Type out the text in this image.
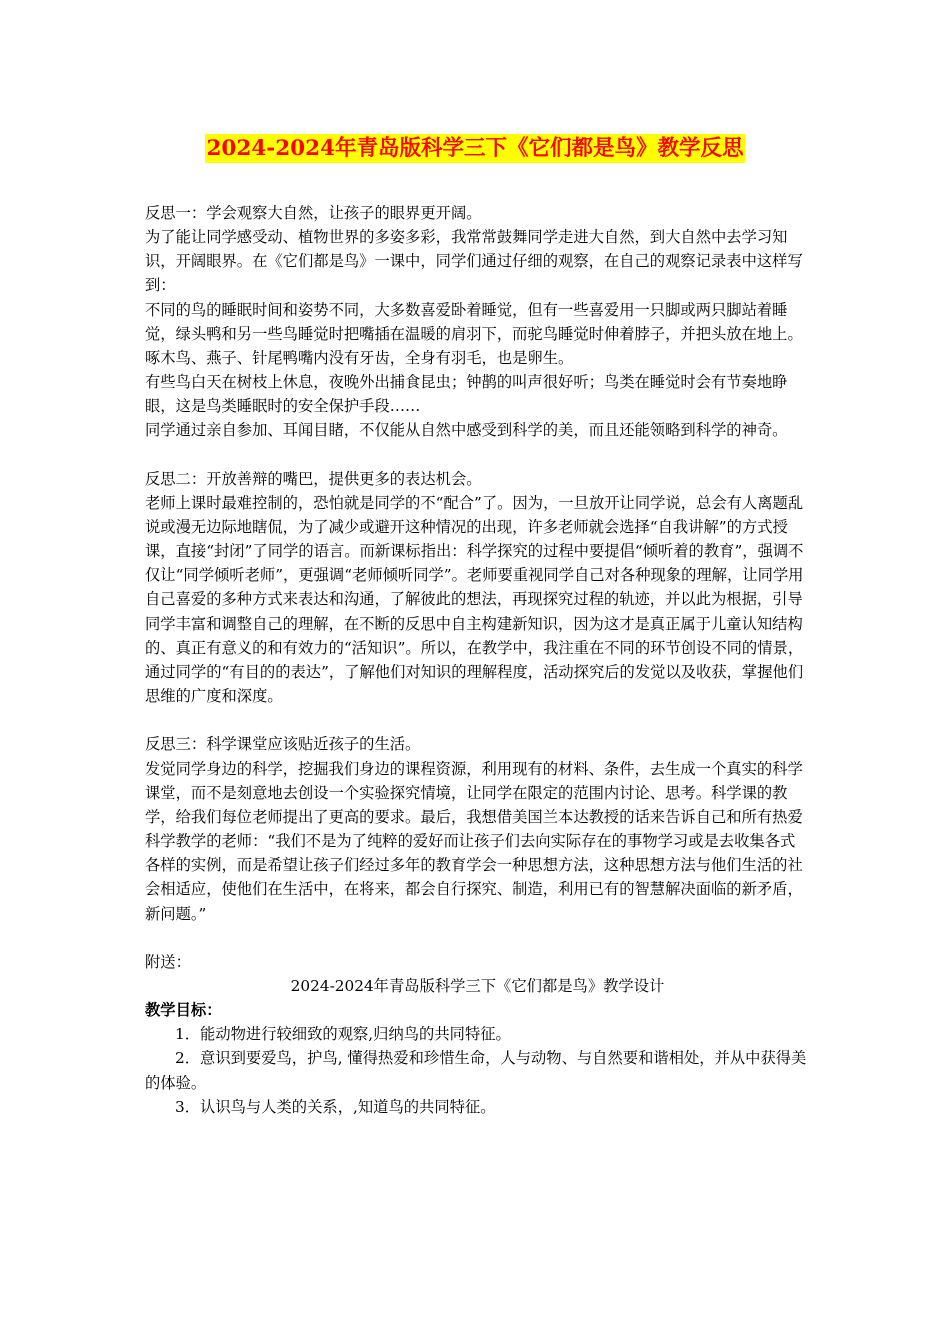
2024-2024年青岛版科学三下《它们都是鸟》教学反思

反思一：学会观察大自然，让孩子的眼界更开阔。

为了能让同学感受动、植物世界的多姿多彩，我常常鼓舞同学走进大自然，到大自然中去学习知识，开阔眼界。在《它们都是鸟》一课中，同学们通过仔细的观察，在自己的观察记录表中这样写到：

不同的鸟的睡眠时间和姿势不同，大多数喜爱卧着睡觉，但有一些喜爱用一只脚或两只脚站着睡觉，绿头鸭和另一些鸟睡觉时把嘴插在温暖的肩羽下，而驼鸟睡觉时伸着脖子，并把头放在地上。

啄木鸟、燕子、针尾鸭嘴内没有牙齿，全身有羽毛，也是卵生。

有些鸟白天在树枝上休息，夜晚外出捕食昆虫；钟鹊的叫声很好听；鸟类在睡觉时会有节奏地睁眼，这是鸟类睡眠时的安全保护手段……

同学通过亲自参加、耳闻目睹，不仅能从自然中感受到科学的美，而且还能领略到科学的神奇。

反思二：开放善辩的嘴巴，提供更多的表达机会。

老师上课时最难控制的，恐怕就是同学的不“配合”了。因为，一旦放开让同学说，总会有人离题乱说或漫无边际地瞎侃，为了减少或避开这种情况的出现，许多老师就会选择“自我讲解”的方式授课，直接“封闭”了同学的语言。而新课标指出：科学探究的过程中要提倡“倾听着的教育”，强调不仅让“同学倾听老师”，更强调“老师倾听同学”。老师要重视同学自己对各种现象的理解，让同学用自己喜爱的多种方式来表达和沟通，了解彼此的想法，再现探究过程的轨迹，并以此为根据，引导同学丰富和调整自己的理解，在不断的反思中自主构建新知识，因为这才是真正属于儿童认知结构的、真正有意义的和有效力的“活知识”。所以，在教学中，我注重在不同的环节创设不同的情景，通过同学的“有目的的表达”，了解他们对知识的理解程度，活动探究后的发觉以及收获，掌握他们思维的广度和深度。

反思三：科学课堂应该贴近孩子的生活。

发觉同学身边的科学，挖掘我们身边的课程资源，利用现有的材料、条件，去生成一个真实的科学课堂，而不是刻意地去创设一个实验探究情境，让同学在限定的范围内讨论、思考。科学课的教学，给我们每位老师提出了更高的要求。最后，我想借美国兰本达教授的话来告诉自己和所有热爱科学教学的老师：“我们不是为了纯粹的爱好而让孩子们去向实际存在的事物学习或是去收集各式各样的实例，而是希望让孩子们经过多年的教育学会一种思想方法，这种思想方法与他们生活的社会相适应，使他们在生活中，在将来，都会自行探究、制造，利用已有的智慧解决面临的新矛盾，新问题。”

附送：

2024-2024年青岛版科学三下《它们都是鸟》教学设计

教学目标：

1．能动物进行较细致的观察,归纳鸟的共同特征。

2．意识到要爱鸟，护鸟, 懂得热爱和珍惜生命，人与动物、与自然要和谐相处，并从中获得美的体验。

3．认识鸟与人类的关系，,知道鸟的共同特征。
